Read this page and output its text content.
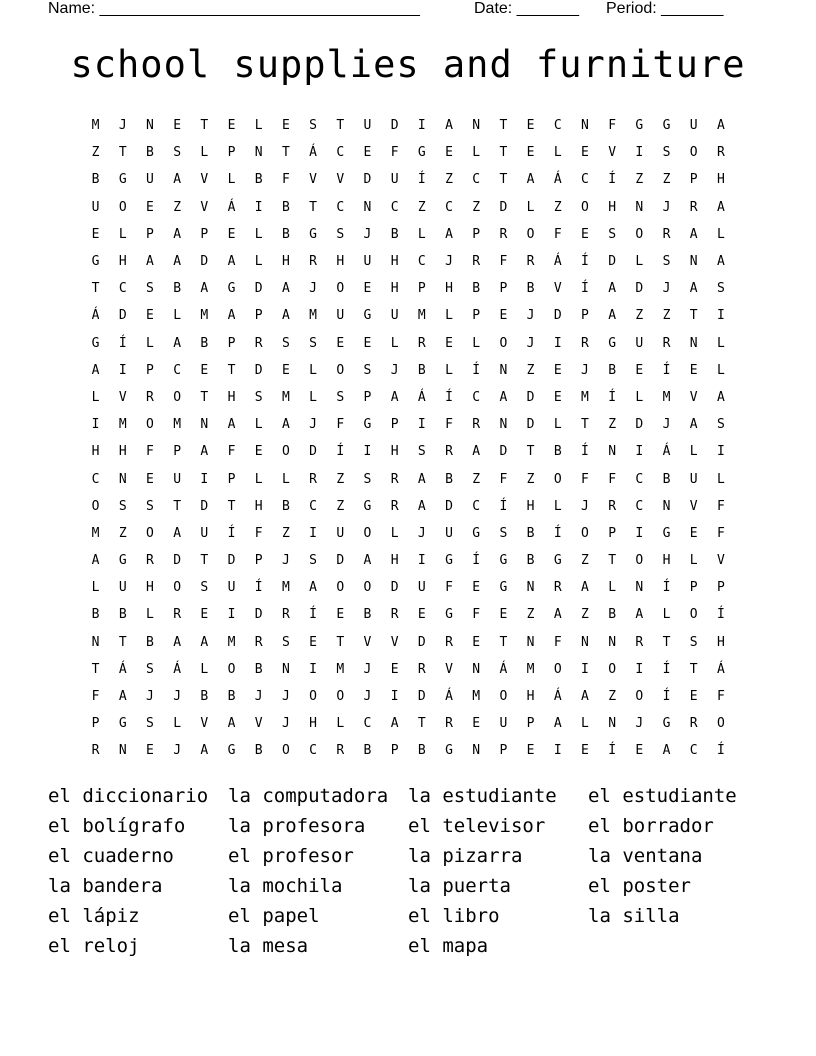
Name: ____________________________________	Date: _______ Period: _______
school supplies and furniture
M	J	N	E	T	E	L	E	S	T	U	D	I	A	N	T	E	C	N	F	G	G	U	A
Z	T	B	S	L	P	N	T	Á	C	E	F	G	E	L	T	E	L	E	V	I	S	O	R
B	G	U	A	V	L	B	F	V	V	D	U	Í	Z	C	T	A	Á	C	Í	Z	Z	P	H
U	O	E	Z	V	Á	I	B	T	C	N	C	Z	C	Z	D	L	Z	O	H	N	J	R	A
E	L	P	A	P	E	L	B	G	S	J	B	L	A	P	R	O	F	E	S	O	R	A	L
G	H	A	A	D	A	L	H	R	H	U	H	C	J	R	F	R	Á	Í	D	L	S	N	A
T	C	S	B	A	G	D	A	J	O	E	H	P	H	B	P	B	V	Í	A	D	J	A	S
Á	D	E	L	M	A	P	A	M	U	G	U	M	L	P	E	J	D	P	A	Z	Z	T	I
G	Í	L	A	B	P	R	S	S	E	E	L	R	E	L	O	J	I	R	G	U	R	N	L
A	I	P	C	E	T	D	E	L	O	S	J	B	L	Í	N	Z	E	J	B	E	Í	E	L
L	V	R	O	T	H	S	M	L	S	P	A	Á	Í	C	A	D	E	M	Í	L	M	V	A
I	M	O	M	N	A	L	A	J	F	G	P	I	F	R	N	D	L	T	Z	D	J	A	S
H	H	F	P	A	F	E	O	D	Í	I	H	S	R	A	D	T	B	Í	N	I	Á	L	I
C	N	E	U	I	P	L	L	R	Z	S	R	A	B	Z	F	Z	O	F	F	C	B	U	L
O	S	S	T	D	T	H	B	C	Z	G	R	A	D	C	Í	H	L	J	R	C	N	V	F
M	Z	O	A	U	Í	F	Z	I	U	O	L	J	U	G	S	B	Í	O	P	I	G	E	F
A	G	R	D	T	D	P	J	S	D	A	H	I	G	Í	G	B	G	Z	T	O	H	L	V
L	U	H	O	S	U	Í	M	A	O	O	D	U	F	E	G	N	R	A	L	N	Í	P	P
B	B	L	R	E	I	D	R	Í	E	B	R	E	G	F	E	Z	A	Z	B	A	L	O	Í
N	T	B	A	A	M	R	S	E	T	V	V	D	R	E	T	N	F	N	N	R	T	S	H
T	Á	S	Á	L	O	B	N	I	M	J	E	R	V	N	Á	M	O	I	O	I	Í	T	Á
F	A	J	J	B	B	J	J	O	O	J	I	D	Á	M	O	H	Á	A	Z	O	Í	E	F
P	G	S	L	V	A	V	J	H	L	C	A	T	R	E	U	P	A	L	N	J	G	R	O
R	N	E	J	A	G	B	O	C	R	B	P	B	G	N	P	E	I	E	Í	E	A	C	Í
el diccionario	la computadora	la estudiante	el estudiante
el bolígrafo	la profesora	el televisor	el borrador
el cuaderno	el profesor	la pizarra	la ventana
la bandera	la mochila	la puerta	el poster
el lápiz	el papel	el libro	la silla
el reloj	la mesa	el mapa
